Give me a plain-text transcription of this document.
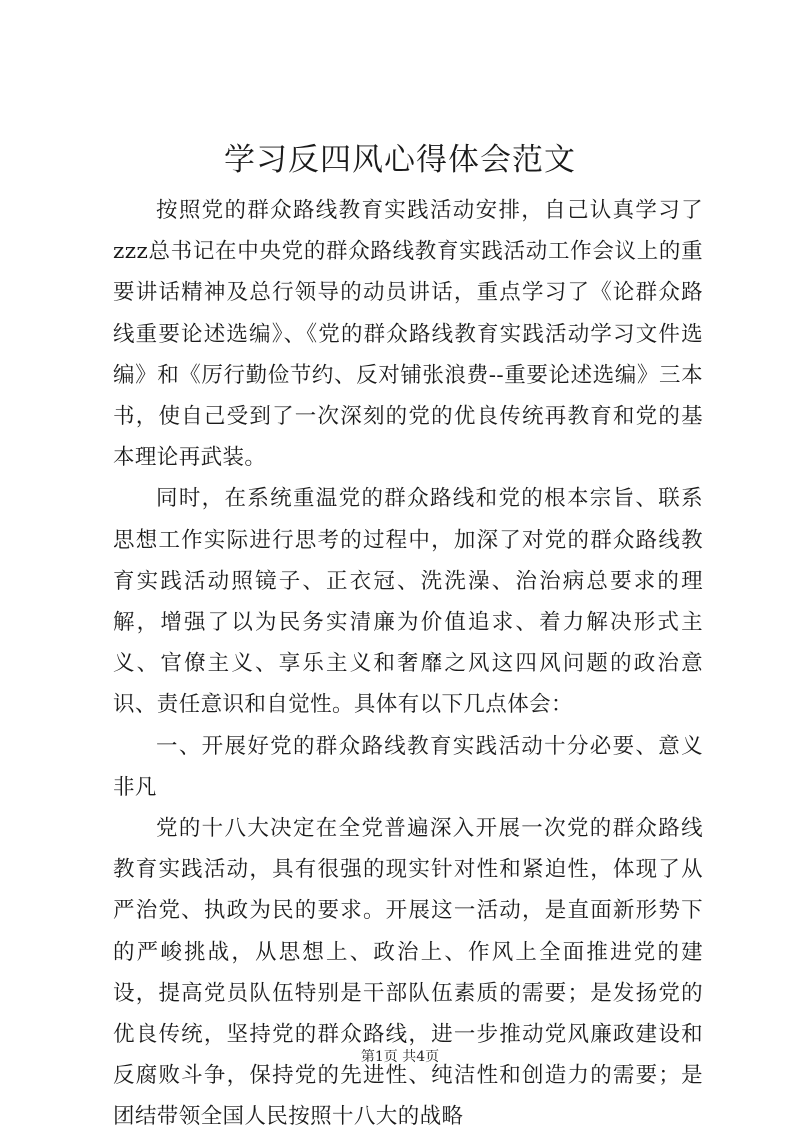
学习反四风心得体会范文

按照党的群众路线教育实践活动安排，自己认真学习了zzz总书记在中央党的群众路线教育实践活动工作会议上的重要讲话精神及总行领导的动员讲话，重点学习了《论群众路线重要论述选编》、《党的群众路线教育实践活动学习文件选编》和《厉行勤俭节约、反对铺张浪费--重要论述选编》三本书，使自己受到了一次深刻的党的优良传统再教育和党的基本理论再武装。

同时，在系统重温党的群众路线和党的根本宗旨、联系思想工作实际进行思考的过程中，加深了对党的群众路线教育实践活动照镜子、正衣冠、洗洗澡、治治病总要求的理解，增强了以为民务实清廉为价值追求、着力解决形式主义、官僚主义、享乐主义和奢靡之风这四风问题的政治意识、责任意识和自觉性。具体有以下几点体会：

一、开展好党的群众路线教育实践活动十分必要、意义非凡

党的十八大决定在全党普遍深入开展一次党的群众路线教育实践活动，具有很强的现实针对性和紧迫性，体现了从严治党、执政为民的要求。开展这一活动，是直面新形势下的严峻挑战，从思想上、政治上、作风上全面推进党的建设，提高党员队伍特别是干部队伍素质的需要；是发扬党的优良传统，坚持党的群众路线，进一步推动党风廉政建设和反腐败斗争，保持党的先进性、纯洁性和创造力的需要；是团结带领全国人民按照十八大的战略

第1页 共4页
